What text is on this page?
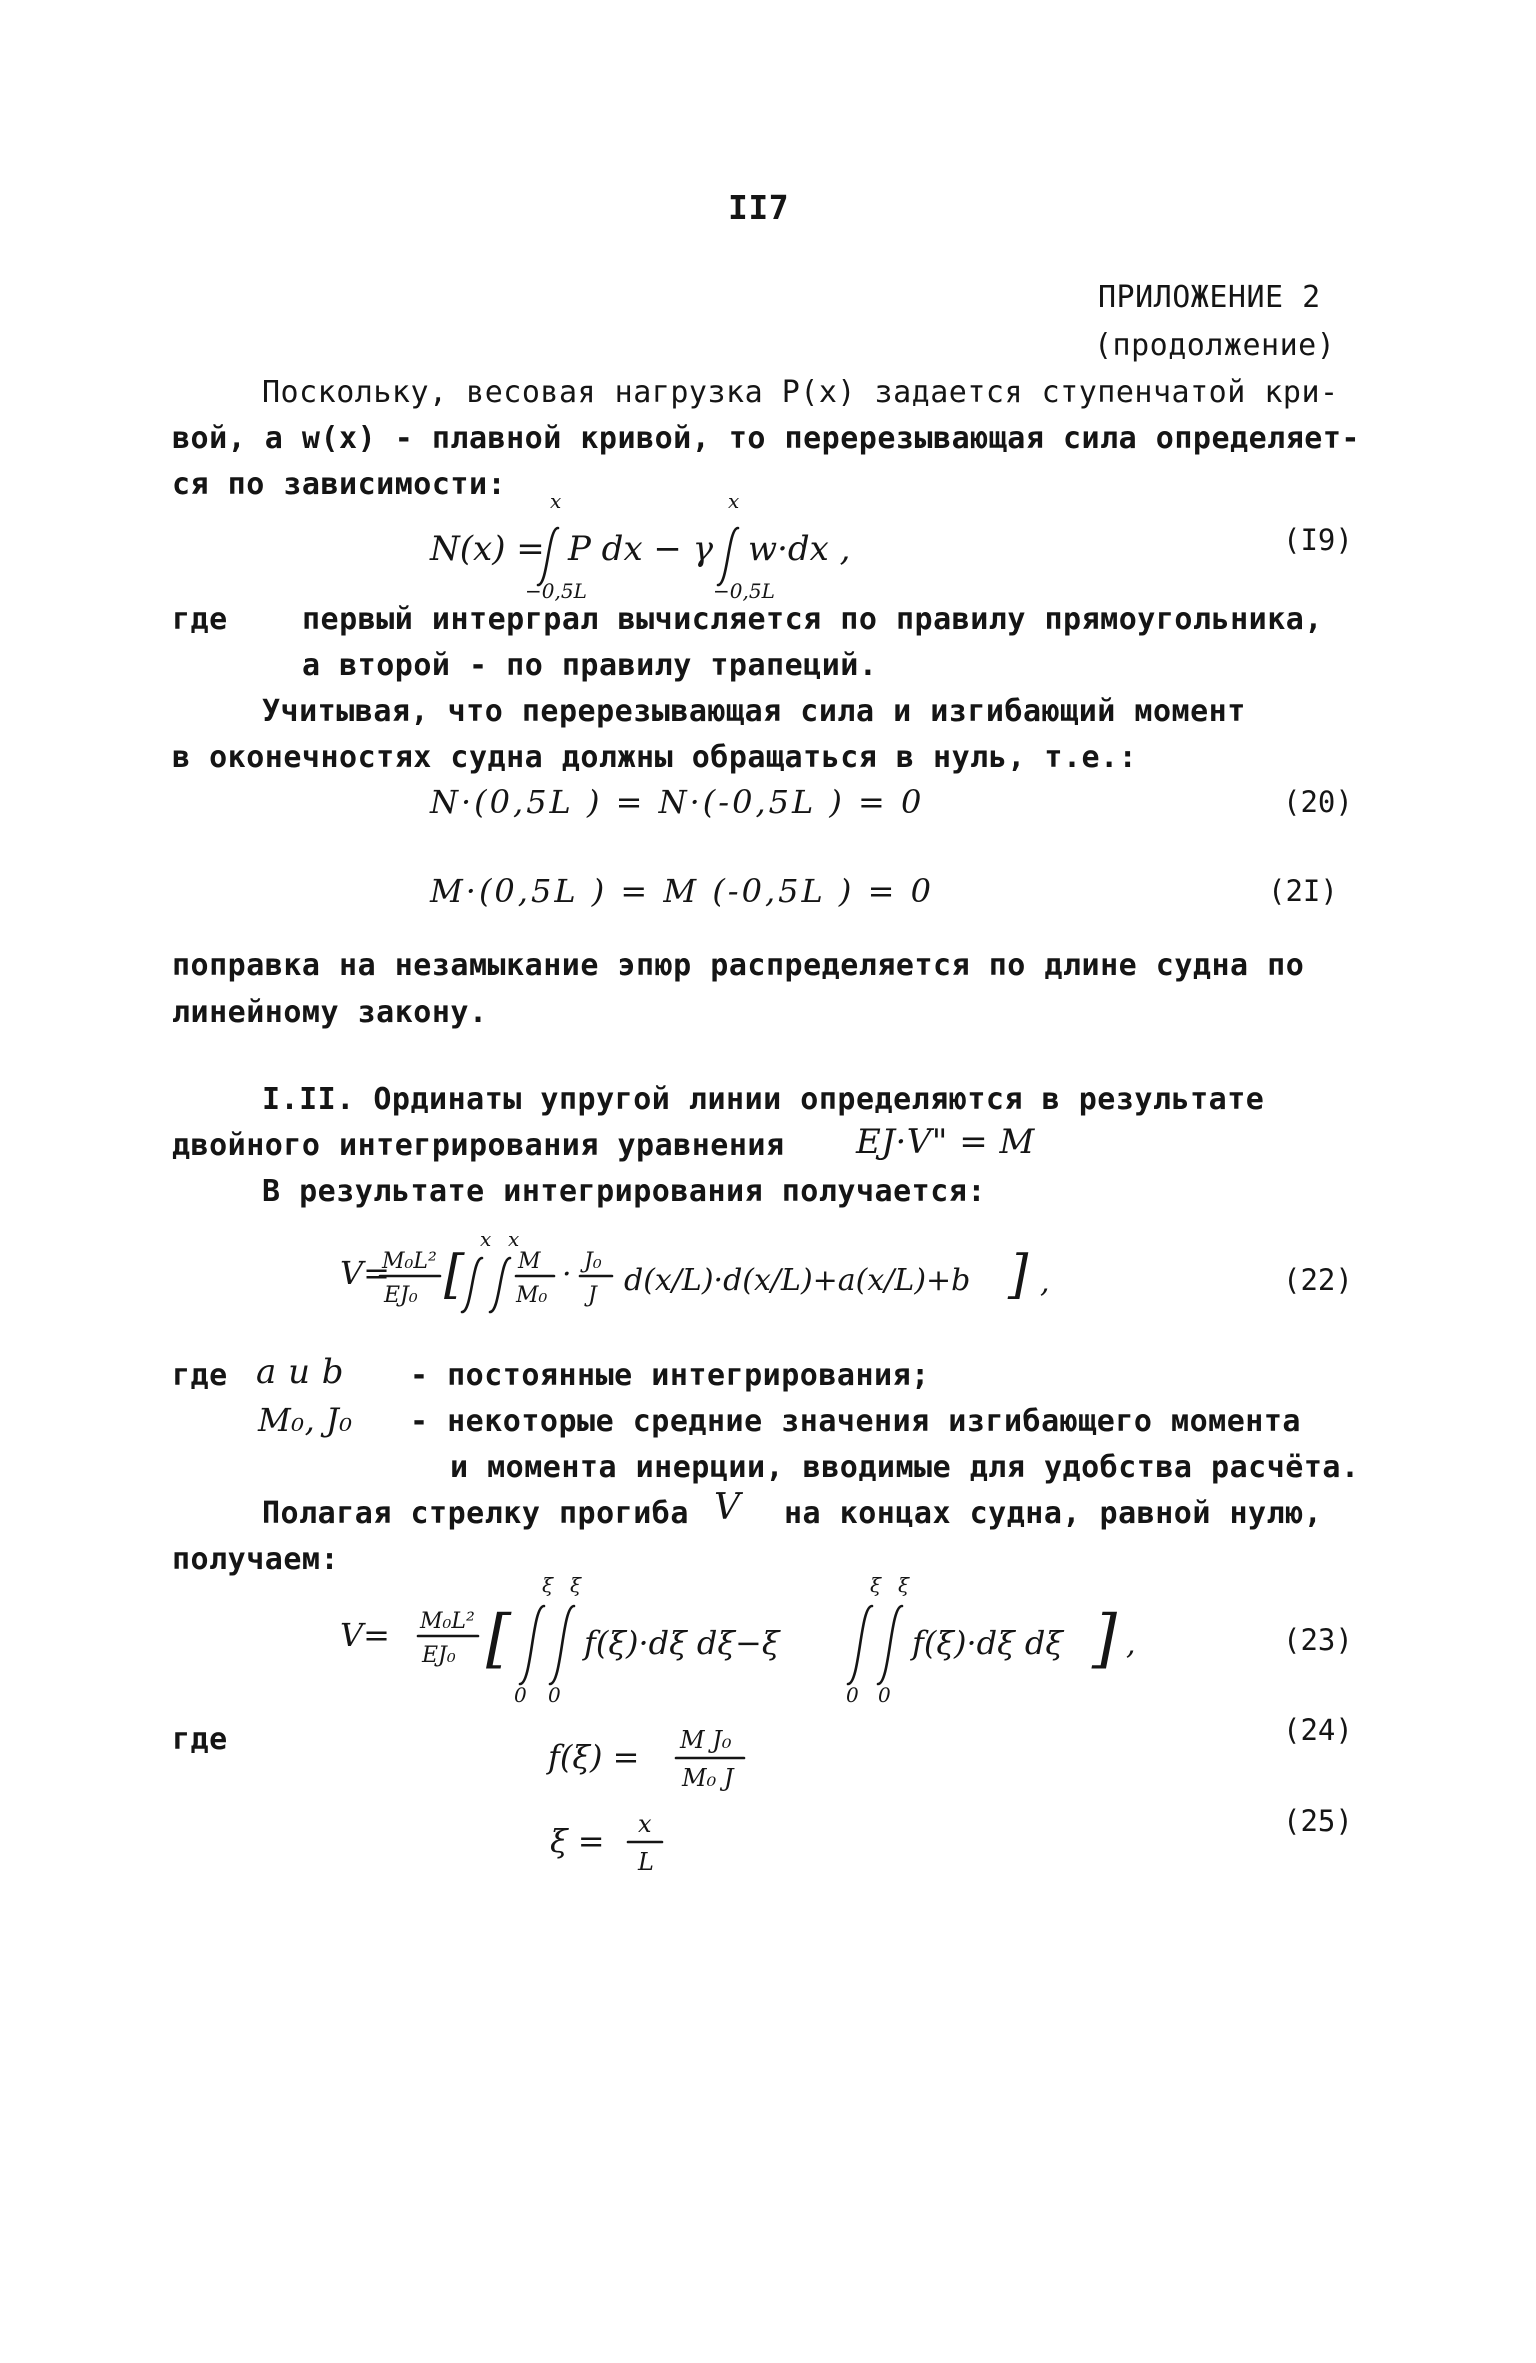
II7
ПРИЛОЖЕНИЕ 2
(продолжение)
Поскольку, весовая нагрузка P(x) задается ступенчатой кри-
вой, а w(x) - плавной кривой, то перерезывающая сила определяет-
ся по зависимости:
N(x) =
x
−0,5L
P dx − γ
x
−0,5L
w·dx ,	(I9)
где первый интерграл вычисляется по правилу прямоугольника,
а второй - по правилу трапеций.
Учитывая, что перерезывающая сила и изгибающий момент
в оконечностях судна должны обращаться в нуль, т.е.:
N·(0,5L ) = N·(-0,5L ) = 0	(20)
M·(0,5L ) = M (-0,5L ) = 0	(2I)
поправка на незамыкание эпюр распределяется по длине судна по
линейному закону.
I.II. Ординаты упругой линии определяются в результате
двойного интегрирования уравнения EJ·V" = M
В результате интегрирования получается:
V=
M₀L²
EJ₀ [
x x
M
M₀
· J₀
J d(x/L)·d(x/L)+a(x/L)+b ] ,	(22)
где a и b - постоянные интегрирования;
M₀, J₀ - некоторые средние значения изгибающего момента
и момента инерции, вводимые для удобства расчёта.
Полагая стрелку прогиба V на концах судна, равной нулю,
получаем:
V= M₀L²
EJ₀ [
ξ ξ
0 0
f(ξ)·dξ dξ−ξ
ξ ξ
0 0
f(ξ)·dξ dξ ] ,	(23)
где	f(ξ) = M J₀
M₀ J
(24)
ξ = x
L
(25)
